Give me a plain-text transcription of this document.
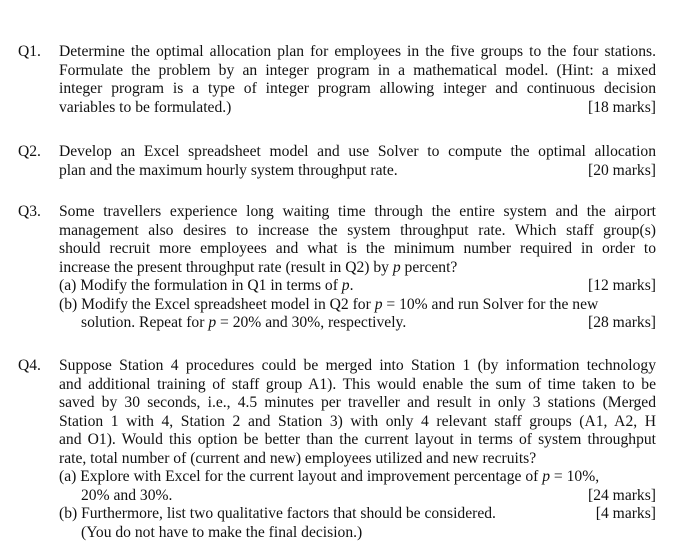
Q1. Determine the optimal allocation plan for employees in the five groups to the four stations.
Formulate the problem by an integer program in a mathematical model. (Hint: a mixed
integer program is a type of integer program allowing integer and continuous decision
variables to be formulated.)	[18 marks]
Q2. Develop an Excel spreadsheet model and use Solver to compute the optimal allocation
plan and the maximum hourly system throughput rate.	[20 marks]
Q3. Some travellers experience long waiting time through the entire system and the airport
management also desires to increase the system throughput rate. Which staff group(s)
should recruit more employees and what is the minimum number required in order to
increase the present throughput rate (result in Q2) by p percent?
(a) Modify the formulation in Q1 in terms of p.	[12 marks]
(b) Modify the Excel spreadsheet model in Q2 for p = 10% and run Solver for the new
solution. Repeat for p = 20% and 30%, respectively.	[28 marks]
Q4. Suppose Station 4 procedures could be merged into Station 1 (by information technology
and additional training of staff group A1). This would enable the sum of time taken to be
saved by 30 seconds, i.e., 4.5 minutes per traveller and result in only 3 stations (Merged
Station 1 with 4, Station 2 and Station 3) with only 4 relevant staff groups (A1, A2, H
and O1). Would this option be better than the current layout in terms of system throughput
rate, total number of (current and new) employees utilized and new recruits?
(a) Explore with Excel for the current layout and improvement percentage of p = 10%,
20% and 30%.	[24 marks]
(b) Furthermore, list two qualitative factors that should be considered.	[4 marks]
(You do not have to make the final decision.)
